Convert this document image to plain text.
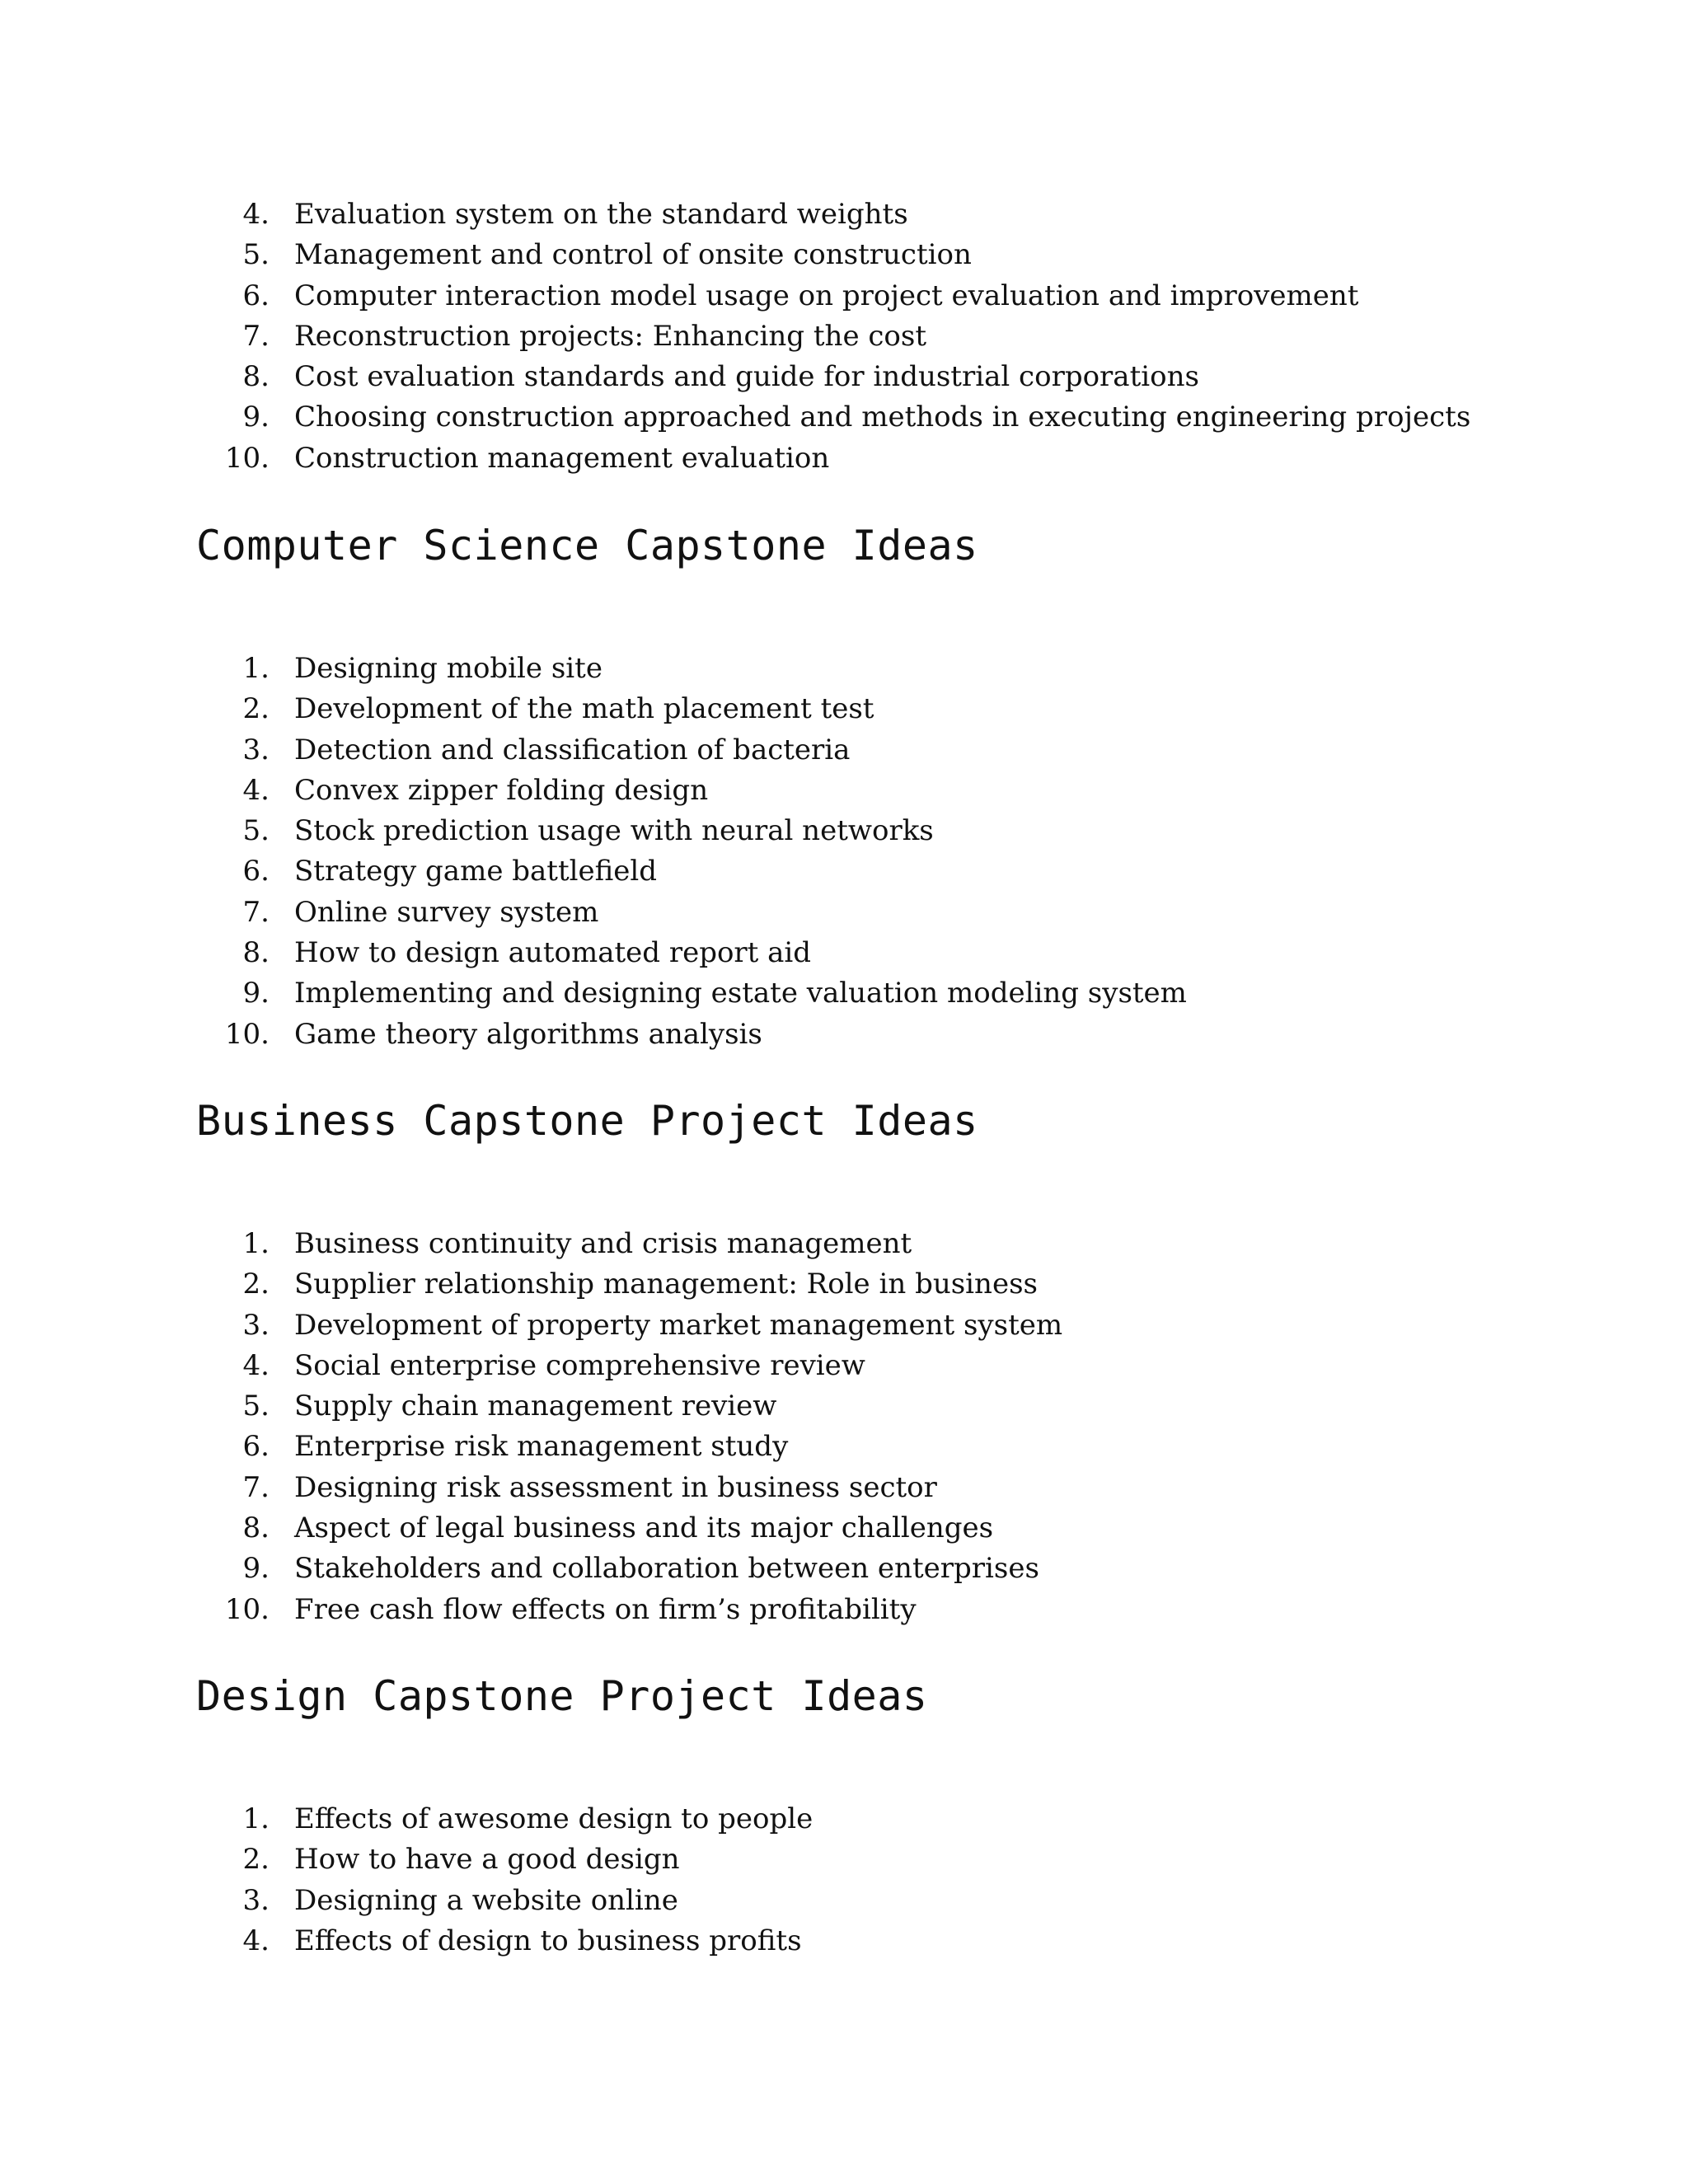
4. Evaluation system on the standard weights
5. Management and control of onsite construction
6. Computer interaction model usage on project evaluation and improvement
7. Reconstruction projects: Enhancing the cost
8. Cost evaluation standards and guide for industrial corporations
9. Choosing construction approached and methods in executing engineering projects
10. Construction management evaluation
Computer Science Capstone Ideas
1. Designing mobile site
2. Development of the math placement test
3. Detection and classification of bacteria
4. Convex zipper folding design
5. Stock prediction usage with neural networks
6. Strategy game battlefield
7. Online survey system
8. How to design automated report aid
9. Implementing and designing estate valuation modeling system
10. Game theory algorithms analysis
Business Capstone Project Ideas
1. Business continuity and crisis management
2. Supplier relationship management: Role in business
3. Development of property market management system
4. Social enterprise comprehensive review
5. Supply chain management review
6. Enterprise risk management study
7. Designing risk assessment in business sector
8. Aspect of legal business and its major challenges
9. Stakeholders and collaboration between enterprises
10. Free cash flow effects on firm’s profitability
Design Capstone Project Ideas
1. Effects of awesome design to people
2. How to have a good design
3. Designing a website online
4. Effects of design to business profits
